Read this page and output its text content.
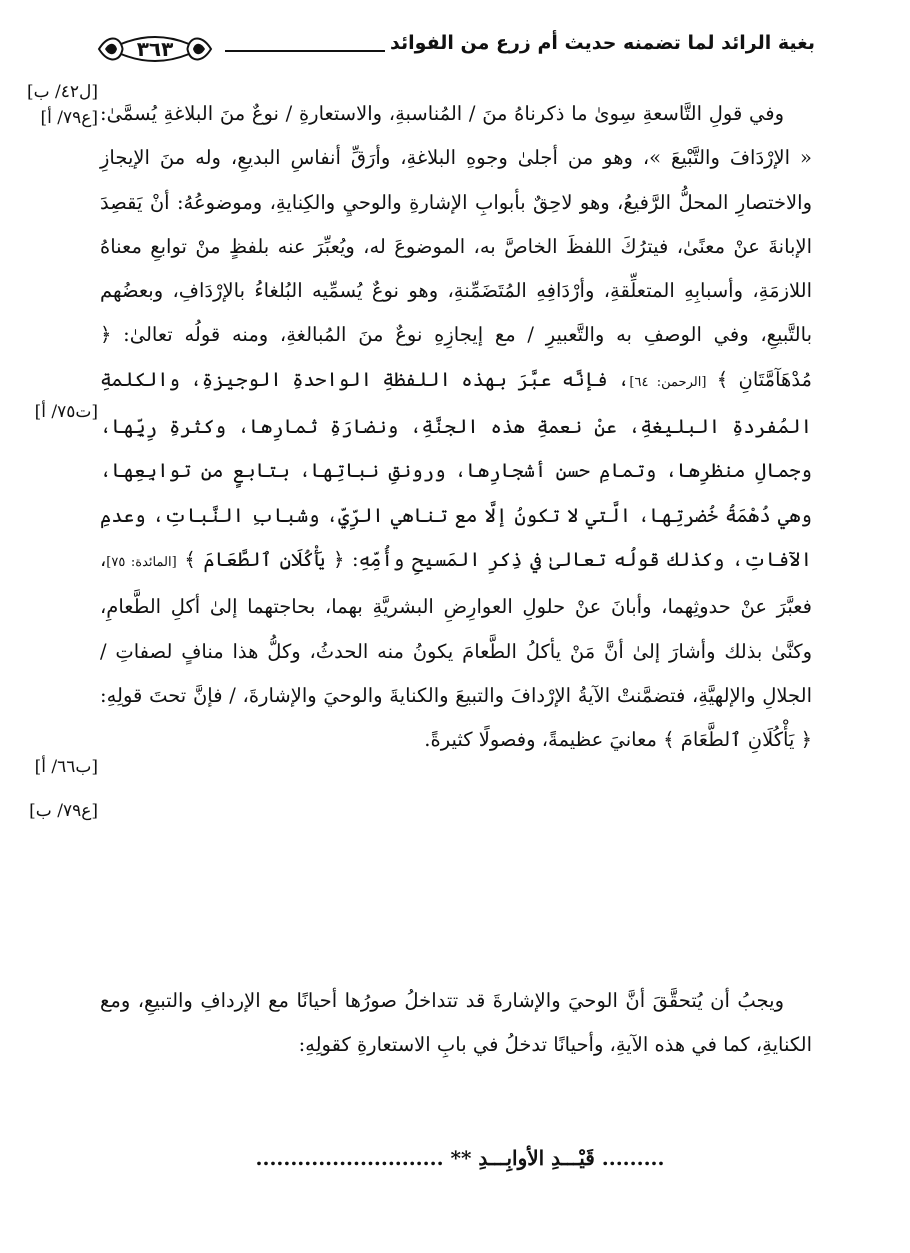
بغية الرائد لما تضمنه حديث أم زرع من الفوائد
٣٦٣
[ل٤٢/ ب]
[ع٧٩/ أ]
[ت٧٥/ أ]
[ب٦٦/ أ]
[ع٧٩/ ب]

وفي قولِ التَّاسعةِ سِوىٰ ما ذكرناهُ منَ / المُناسبةِ، والاستعارةِ / نوعٌ منَ البلاغةِ يُسمَّىٰ: « الإرْدَافَ والتَّبْيعَ »، وهو من أجلىٰ وجوهِ البلاغةِ، وأرَقِّ أنفاسِ البديعِ، وله منَ الإيجازِ والاختصارِ المحلُّ الرَّفيعُ، وهو لاحِقٌ بأبوابِ الإشارةِ والوحيِ والكِنايةِ، وموضوعُهُ: أنْ يَقصِدَ الإبانةَ عنْ معنًىٰ، فيترُكَ اللفظَ الخاصَّ به، الموضوعَ له، ويُعبِّرَ عنه بلفظٍ منْ توابعِ معناهُ اللازمَةِ، وأسبابِهِ المتعلِّقةِ، وأرْدَافِهِ المُتَضَمِّنةِ، وهو نوعٌ يُسمِّيه البُلغاءُ بالإرْدَافِ، وبعضُهم بالتَّبيعِ، وفي الوصفِ به والتَّعبيرِ / مع إيجازِهِ نوعٌ منَ المُبالغةِ، ومنه قولُه تعالىٰ: ﴿ مُدْهَآمَّتَانِ ﴾ [الرحمن: ٦٤]، فإنَّه عبَّرَ بهذه اللفظةِ الواحدةِ الوجيزةِ، والكلمةِ المُفردةِ البليغةِ، عنْ نعمةِ هذه الجنَّةِ، ونضارَةِ ثمارِها، وكثرةِ رِيِّها، وجمالِ منظرِها، وتمامِ حسنِ أشجارِها، ورونقِ نباتِها، بتابعٍ من توابِعِها، وهي دُهْمَةُ خُضرتِها، الَّتي لا تكونُ إلَّا مع تناهي الرِّيِّ، وشبابِ النَّباتِ، وعدمِ الآفاتِ، وكذلك قولُه تعالىٰ في ذِكرِ المَسيحِ وأُمِّهِ: ﴿ يَأْكُلَانِ ٱلطَّعَامَ ﴾ [المائدة: ٧٥]، فعبَّرَ عنْ حدوثِهما، وأبانَ عنْ حلولِ العوارِضِ البشريَّةِ بهما، بحاجتهما إلىٰ أكلِ الطَّعامِ، وكنَّىٰ بذلك وأشارَ إلىٰ أنَّ مَنْ يأكلُ الطَّعامَ يكونُ منه الحدثُ، وكلُّ هذا منافٍ لصفاتِ / الجلالِ والإلهيَّةِ، فتضمَّنتْ الآيةُ الإرْدافَ والتبيعَ والكنايةَ والوحيَ والإشارةَ، / فإنَّ تحتَ قولِهِ: ﴿ يَأْكُلَانِ ٱلطَّعَامَ ﴾ معانيَ عظيمةً، وفصولًا كثيرةً.

ويجبُ أن يُتحقَّقَ أنَّ الوحيَ والإشارةَ قد تتداخلُ صورُها أحيانًا مع الإردافِ والتبيعِ، ومع الكنايةِ، كما في هذه الآيةِ، وأحيانًا تدخلُ في بابِ الاستعارةِ كقولِهِ:

......... قَيْـــدِ الأوابِـــدِ ** ...........................
